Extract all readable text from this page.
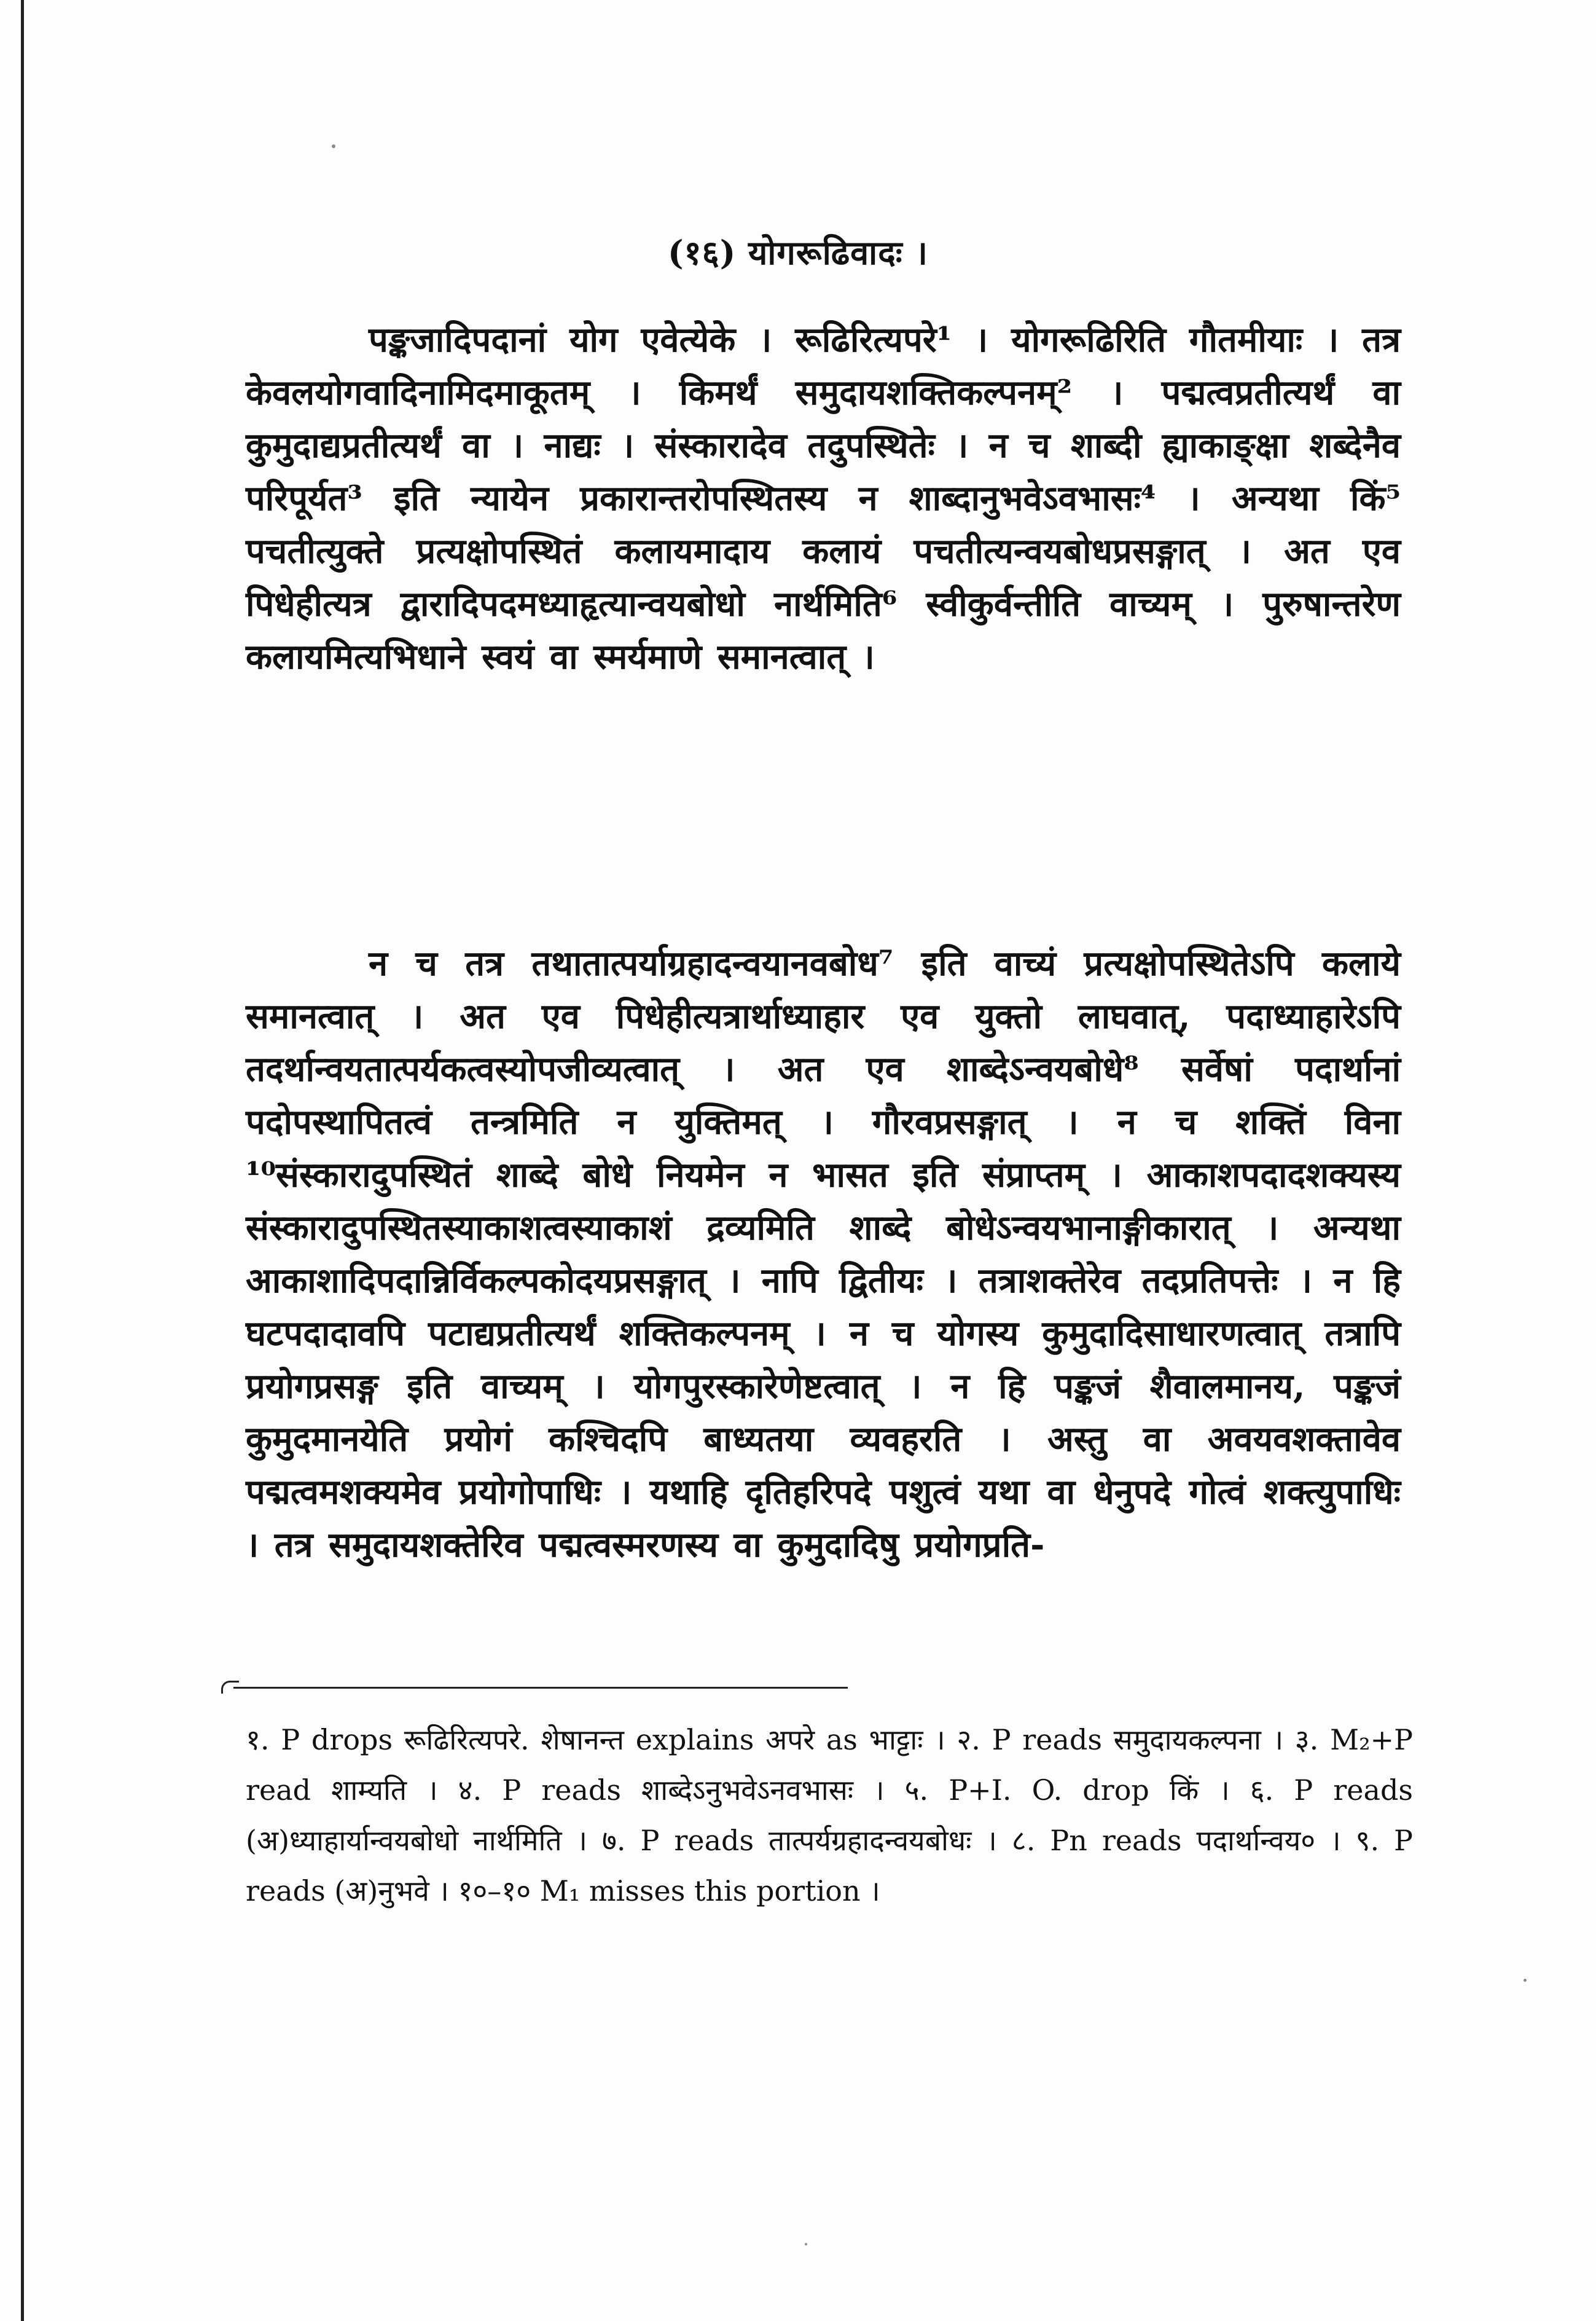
(१६) योगरूढिवादः ।
पङ्कजादिपदानां योग एवेत्येके । रूढिरित्यपरे¹ । योगरूढिरिति गौतमीयाः । तत्र केवलयोगवादिनामिदमाकूतम् । किमर्थं समुदायशक्तिकल्पनम्² । पद्मत्वप्रतीत्यर्थं वा कुमुदाद्यप्रतीत्यर्थं वा । नाद्यः । संस्कारादेव तदुपस्थितेः । न च शाब्दी ह्याकाङ्क्षा शब्देनैव परिपूर्यत³ इति न्यायेन प्रकारान्तरोपस्थितस्य न शाब्दानुभवेऽवभासः⁴ । अन्यथा किं⁵ पचतीत्युक्ते प्रत्यक्षोपस्थितं कलायमादाय कलायं पचतीत्यन्वयबोधप्रसङ्गात् । अत एव पिधेहीत्यत्र द्वारादिपदमध्याहृत्यान्वयबोधो नार्थमिति⁶ स्वीकुर्वन्तीति वाच्यम् । पुरुषान्तरेण कलायमित्यभिधाने स्वयं वा स्मर्यमाणे समानत्वात् ।
न च तत्र तथातात्पर्याग्रहादन्वयानवबोध⁷ इति वाच्यं प्रत्यक्षोपस्थितेऽपि कलाये समानत्वात् । अत एव पिधेहीत्यत्रार्थाध्याहार एव युक्तो लाघवात्, पदाध्याहारेऽपि तदर्थान्वयतात्पर्यकत्वस्योपजीव्यत्वात् । अत एव शाब्देऽन्वयबोधे⁸ सर्वेषां पदार्थानां पदोपस्थापितत्वं तन्त्रमिति न युक्तिमत् । गौरवप्रसङ्गात् । न च शक्तिं विना ¹⁰संस्कारादुपस्थितं शाब्दे बोधे नियमेन न भासत इति संप्राप्तम् । आकाशपदादशक्यस्य संस्कारादुपस्थितस्याकाशत्वस्याकाशं द्रव्यमिति शाब्दे बोधेऽन्वयभानाङ्गीकारात् । अन्यथा आकाशादिपदान्निर्विकल्पकोदयप्रसङ्गात् । नापि द्वितीयः । तत्राशक्तेरेव तदप्रतिपत्तेः । न हि घटपदादावपि पटाद्यप्रतीत्यर्थं शक्तिकल्पनम् । न च योगस्य कुमुदादिसाधारणत्वात् तत्रापि प्रयोगप्रसङ्ग इति वाच्यम् । योगपुरस्कारेणेष्टत्वात् । न हि पङ्कजं शैवालमानय, पङ्कजं कुमुदमानयेति प्रयोगं कश्चिदपि बाध्यतया व्यवहरति । अस्तु वा अवयवशक्तावेव पद्मत्वमशक्यमेव प्रयोगोपाधिः । यथाहि दृतिहरिपदे पशुत्वं यथा वा धेनुपदे गोत्वं शक्त्युपाधिः । तत्र समुदायशक्तेरिव पद्मत्वस्मरणस्य वा कुमुदादिषु प्रयोगप्रति-
१. P drops रूढिरित्यपरे. शेषानन्त explains अपरे as भाट्टाः । २. P reads समुदायकल्पना । ३. M₂+P read शाम्यति । ४. P reads शाब्देऽनुभवेऽनवभासः । ५. P+I. O. drop किं । ६. P reads (अ)ध्याहार्यान्वयबोधो नार्थमिति । ७. P reads तात्पर्यग्रहादन्वयबोधः । ८. Pn reads पदार्थान्वय० । ९. P reads (अ)नुभवे । १०–१० M₁ misses this portion ।
